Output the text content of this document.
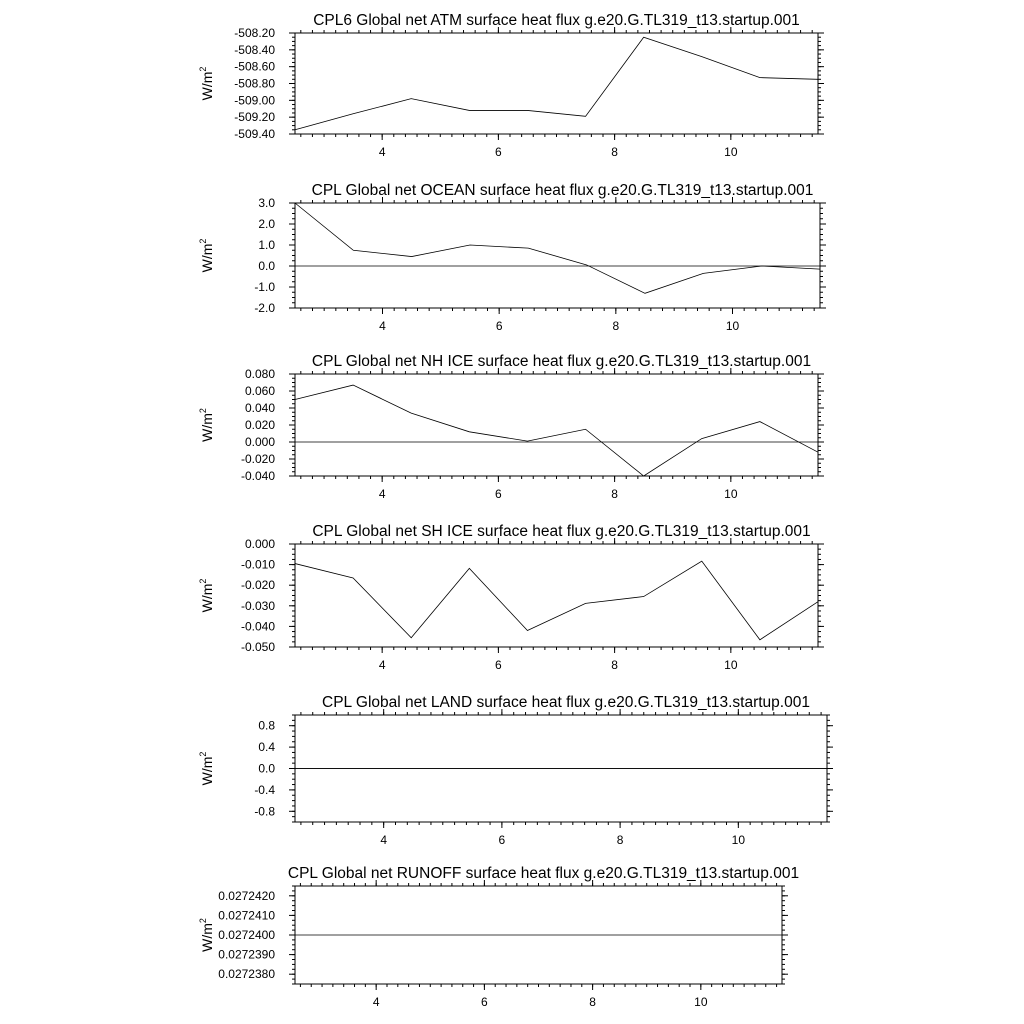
CPL6 Global net ATM surface heat flux g.e20.G.TL319_t13.startup.001
4	6	8	10
-508.20
-508.40
-508.60
-508.80
-509.00
-509.20
-509.40
$W/m^2$
CPL Global net OCEAN surface heat flux g.e20.G.TL319_t13.startup.001
4	6	8	10
3.0
2.0
1.0
0.0
-1.0
-2.0
$W/m^2$
CPL Global net NH ICE surface heat flux g.e20.G.TL319_t13.startup.001
4	6	8	10
0.080
0.060
0.040
0.020
0.000
-0.020
-0.040
$W/m^2$
CPL Global net SH ICE surface heat flux g.e20.G.TL319_t13.startup.001
4	6	8	10
0.000
-0.010
-0.020
-0.030
-0.040
-0.050
$W/m^2$
CPL Global net LAND surface heat flux g.e20.G.TL319_t13.startup.001
4	6	8	10
0.8
0.4
0.0
-0.4
-0.8
$W/m^2$
CPL Global net RUNOFF surface heat flux g.e20.G.TL319_t13.startup.001
4	6	8	10
0.0272420
0.0272410
0.0272400
0.0272390
0.0272380
$W/m^2$
